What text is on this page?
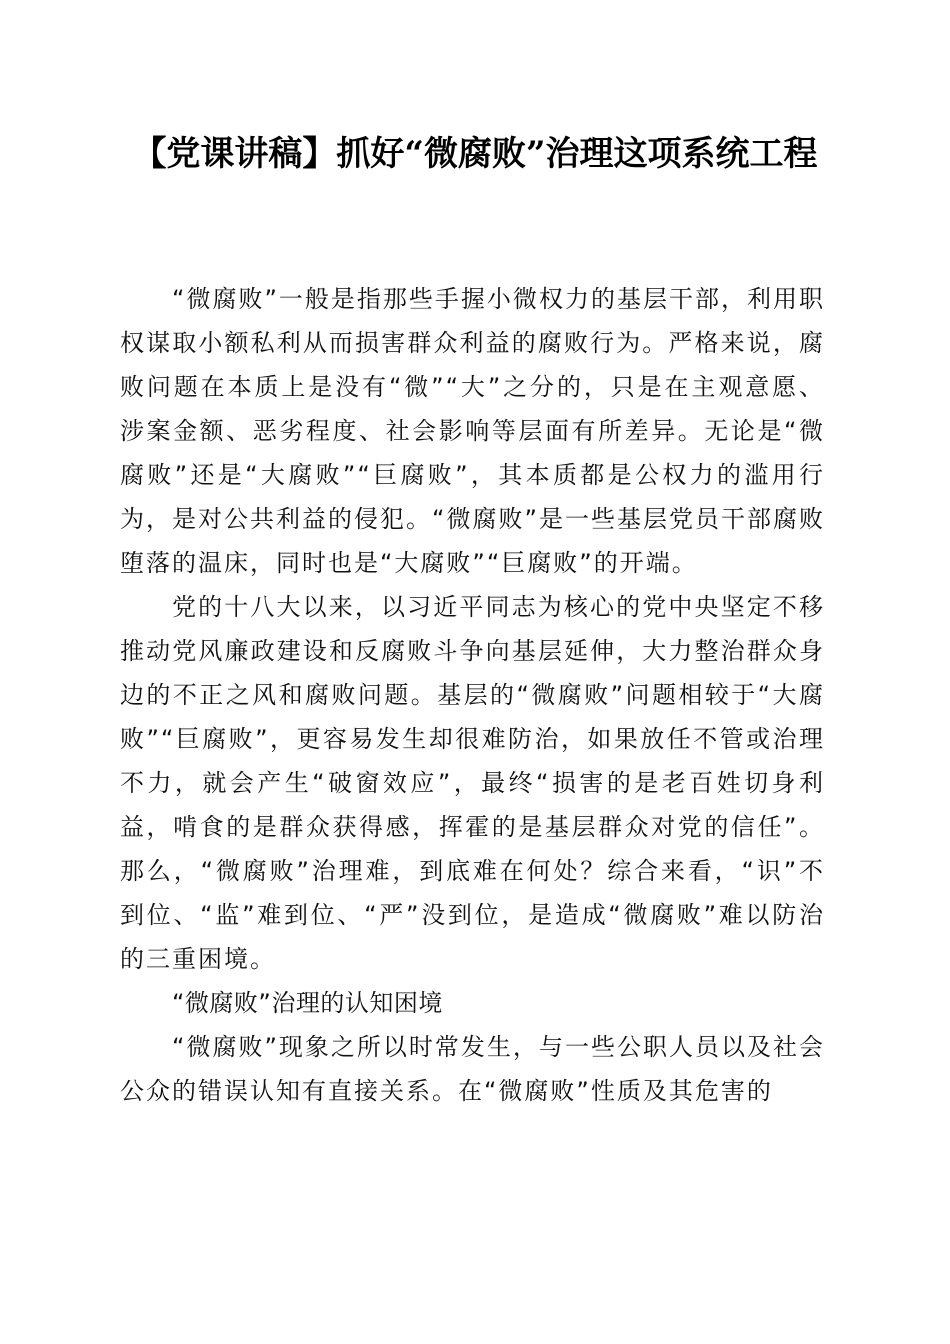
【党课讲稿】抓好“微腐败”治理这项系统工程

“微腐败”一般是指那些手握小微权力的基层干部，利用职权谋取小额私利从而损害群众利益的腐败行为。严格来说，腐败问题在本质上是没有“微”“大”之分的，只是在主观意愿、涉案金额、恶劣程度、社会影响等层面有所差异。无论是“微腐败”还是“大腐败”“巨腐败”，其本质都是公权力的滥用行为，是对公共利益的侵犯。“微腐败”是一些基层党员干部腐败堕落的温床，同时也是“大腐败”“巨腐败”的开端。

党的十八大以来，以习近平同志为核心的党中央坚定不移推动党风廉政建设和反腐败斗争向基层延伸，大力整治群众身边的不正之风和腐败问题。基层的“微腐败”问题相较于“大腐败”“巨腐败”，更容易发生却很难防治，如果放任不管或治理不力，就会产生“破窗效应”，最终“损害的是老百姓切身利益，啃食的是群众获得感，挥霍的是基层群众对党的信任”。那么，“微腐败”治理难，到底难在何处？综合来看，“识”不到位、“监”难到位、“严”没到位，是造成“微腐败”难以防治的三重困境。

“微腐败”治理的认知困境

“微腐败”现象之所以时常发生，与一些公职人员以及社会公众的错误认知有直接关系。在“微腐败”性质及其危害的
